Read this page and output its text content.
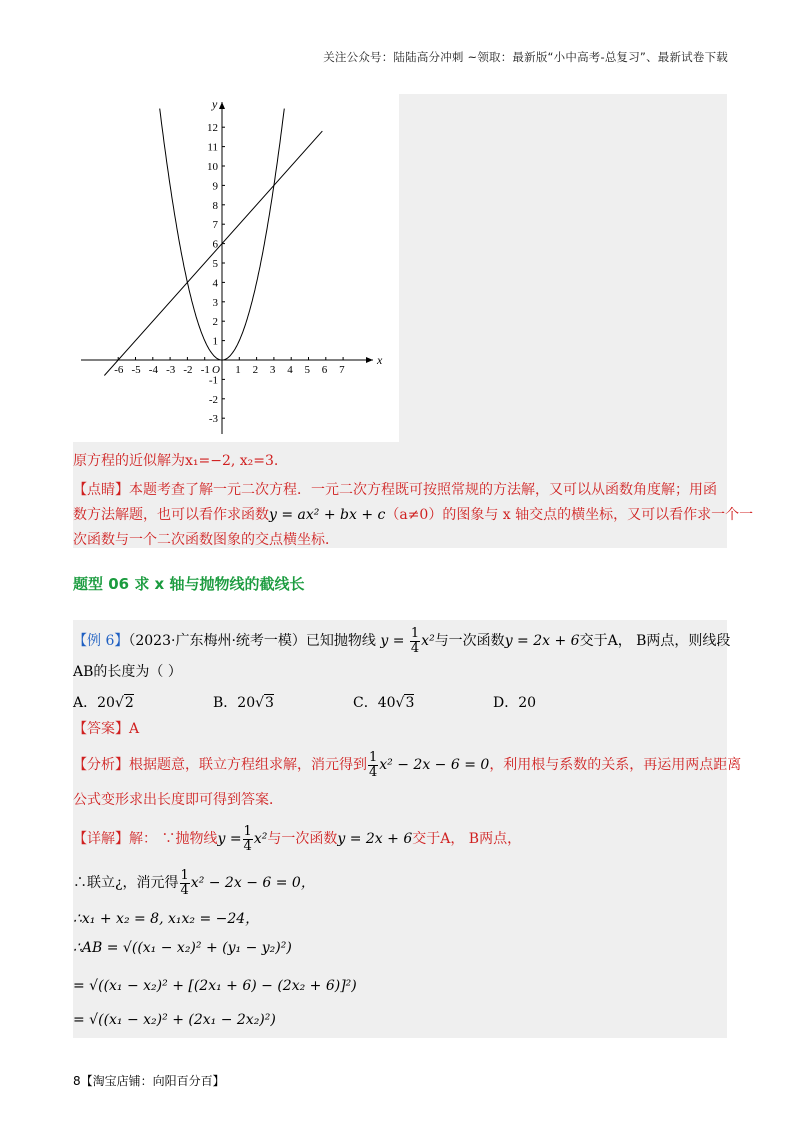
关注公众号：陆陆高分冲刺 ~领取：最新版“小中高考-总复习”、最新试卷下载
-6 -5 -4 -3 -2 -1 O 1 2 3 4 5 6 7
12
11
10
9
8
7
6
5
4
3
2
1
-1
-2
-3
x
y
原方程的近似解为x₁=−2, x₂=3.
【点睛】本题考查了解一元二次方程．一元二次方程既可按照常规的方法解，又可以从函数角度解；用函
数方法解题，也可以看作求函数y = ax² + bx + c（a≠0）的图象与 x 轴交点的横坐标，又可以看作求一个一
次函数与一个二次函数图象的交点横坐标．
题型 06 求 x 轴与抛物线的截线长
【例 6】（2023·广东梅州·统考一模）已知抛物线 $y = \frac{1}{4} x^2$与一次函数y = 2x + 6交于A， B两点，则线段
AB的长度为（ ）
A．20√2	B．20√3	C．40√3	D．20
【答案】A
【分析】根据题意，联立方程组求解，消元得到 $\frac{1}{4} x^2 - 2x - 6 = 0$，利用根与系数的关系，再运用两点距离
公式变形求出长度即可得到答案．
【详解】解： ∵抛物线$y = \frac{1}{4} x^2$与一次函数y = 2x + 6交于A， B两点，
∴联立¿，消元得 $\frac{1}{4} x^2 - 2x - 6 = 0$，
∴x₁ + x₂ = 8, x₁x₂ = −24，
∴AB = √((x₁ − x₂)² + (y₁ − y₂)²)
= √((x₁ − x₂)² + [(2x₁ + 6) − (2x₂ + 6)]²)
= √((x₁ − x₂)² + (2x₁ − 2x₂)²)
8【淘宝店铺：向阳百分百】
